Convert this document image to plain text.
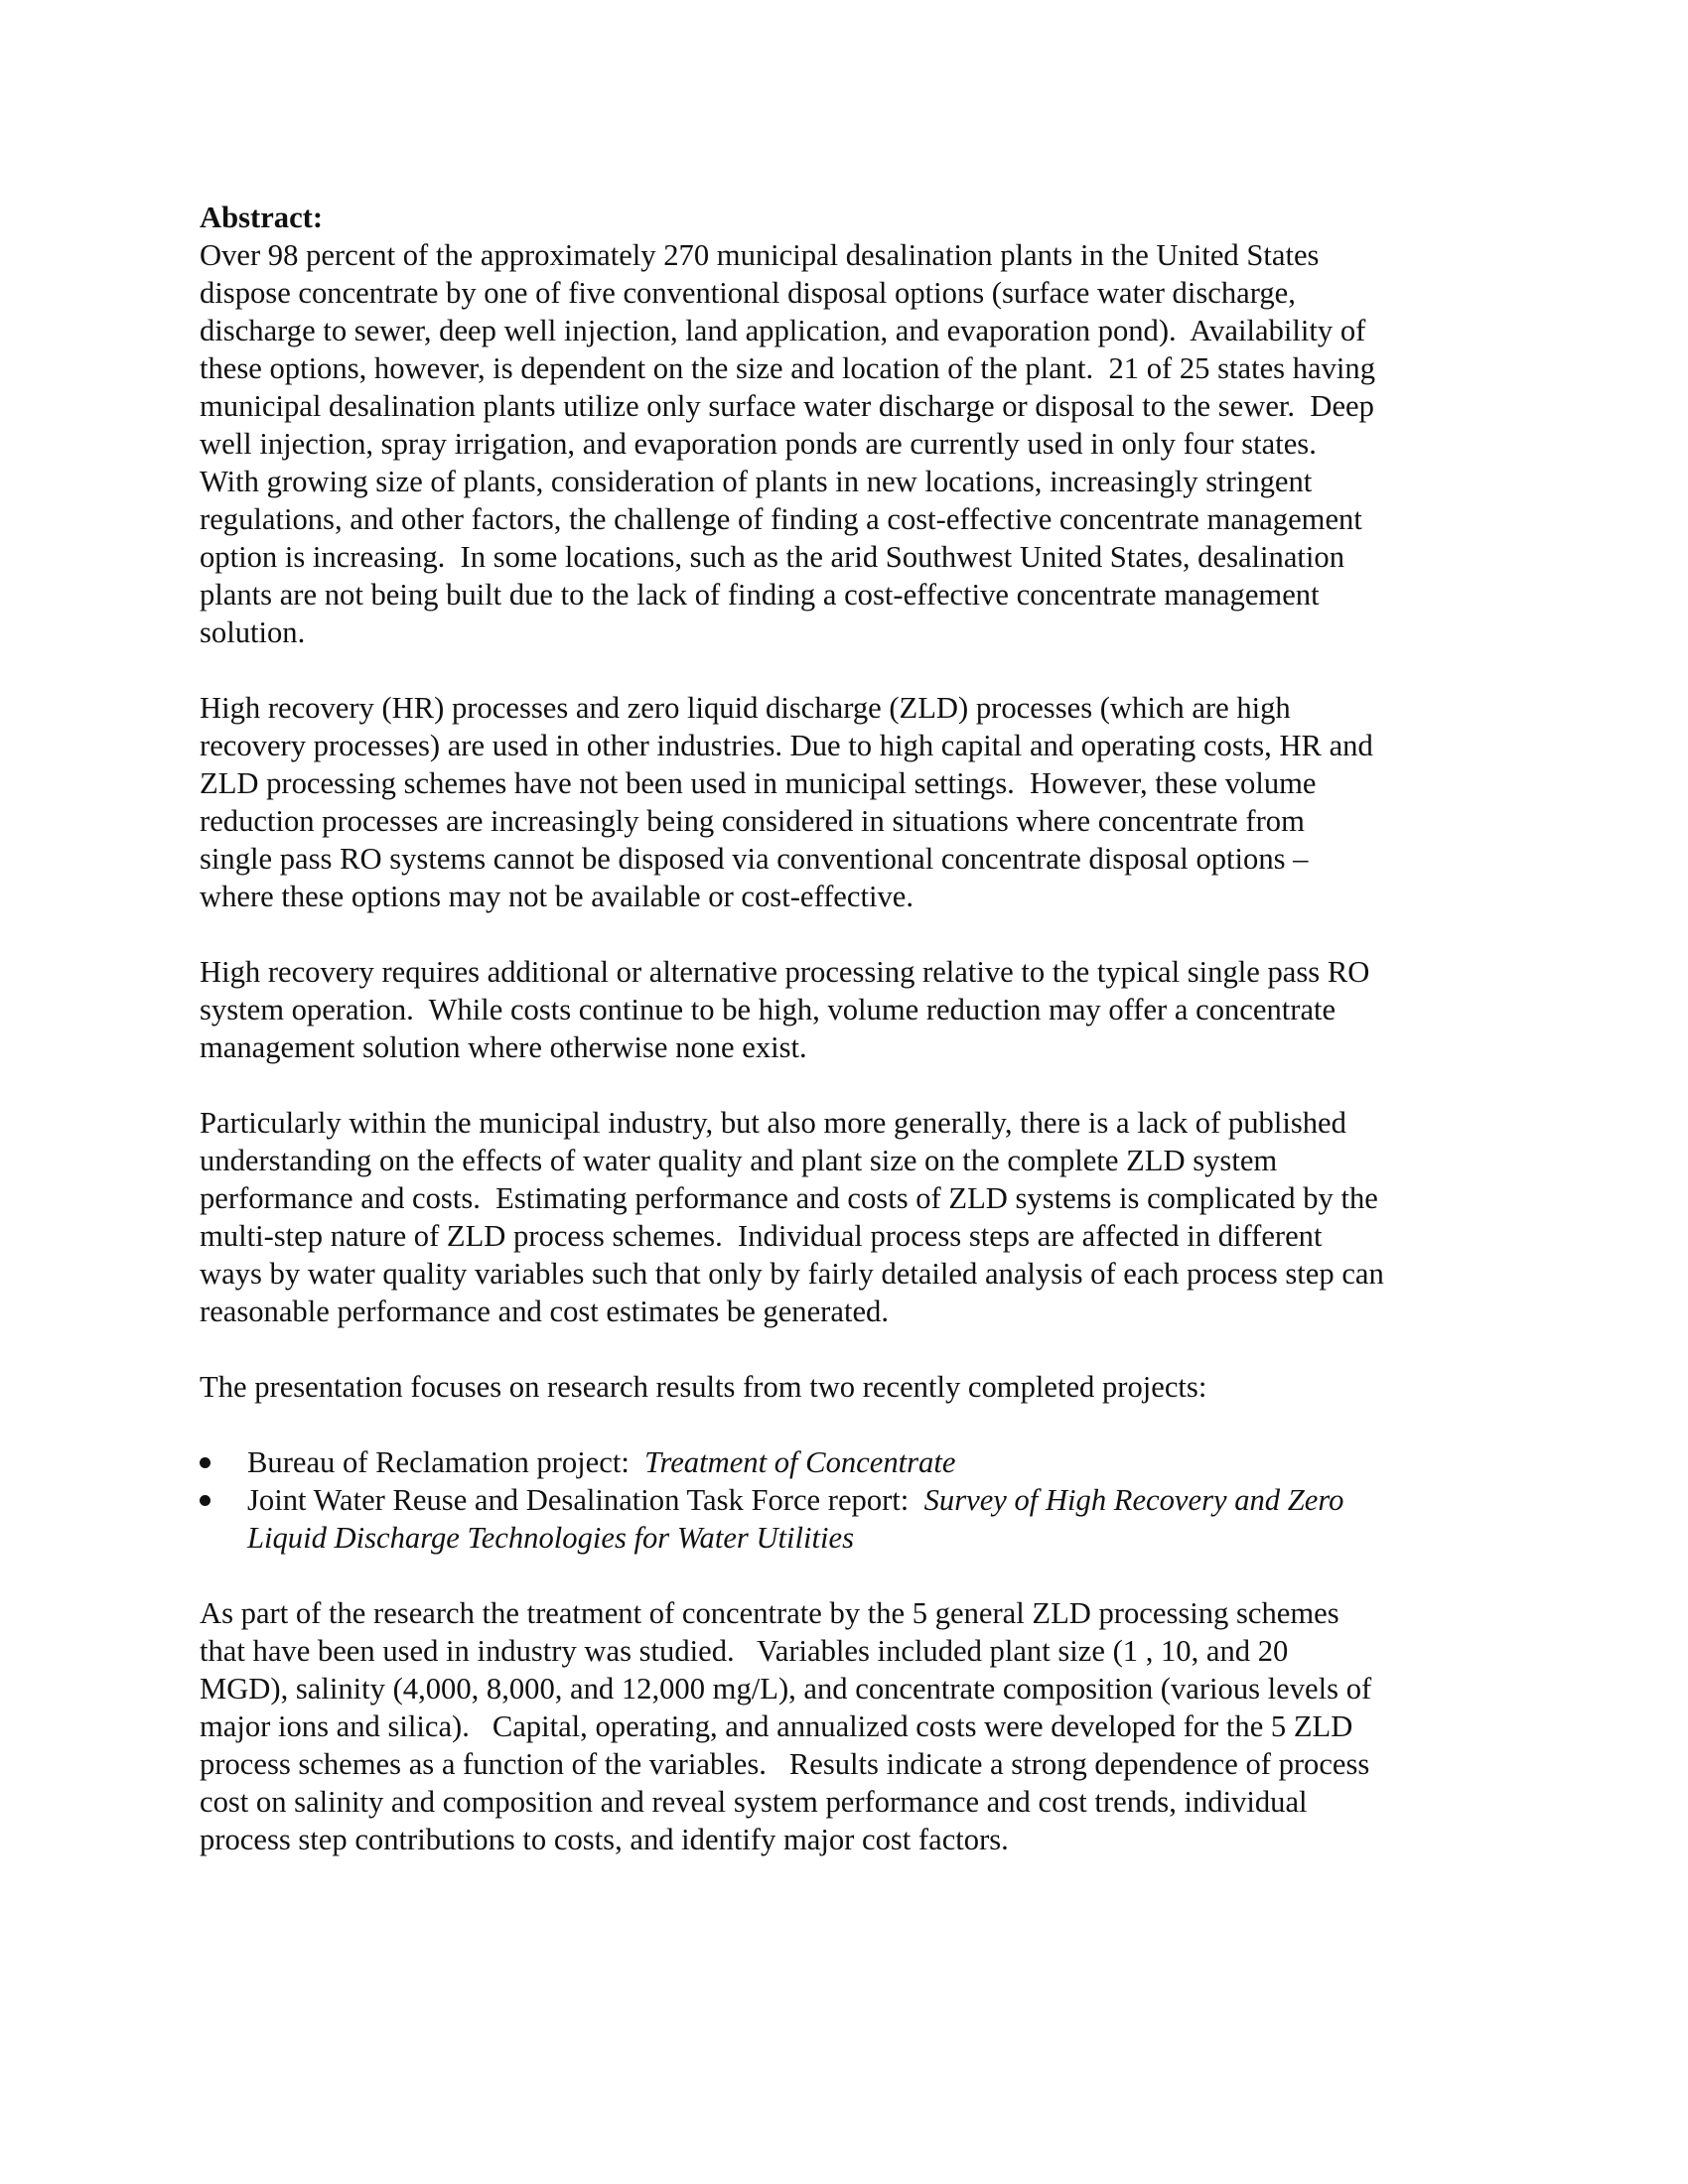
Abstract:
Over 98 percent of the approximately 270 municipal desalination plants in the United States
dispose concentrate by one of five conventional disposal options (surface water discharge,
discharge to sewer, deep well injection, land application, and evaporation pond).  Availability of
these options, however, is dependent on the size and location of the plant.  21 of 25 states having
municipal desalination plants utilize only surface water discharge or disposal to the sewer.  Deep
well injection, spray irrigation, and evaporation ponds are currently used in only four states.
With growing size of plants, consideration of plants in new locations, increasingly stringent
regulations, and other factors, the challenge of finding a cost-effective concentrate management
option is increasing.  In some locations, such as the arid Southwest United States, desalination
plants are not being built due to the lack of finding a cost-effective concentrate management
solution.
High recovery (HR) processes and zero liquid discharge (ZLD) processes (which are high
recovery processes) are used in other industries. Due to high capital and operating costs, HR and
ZLD processing schemes have not been used in municipal settings.  However, these volume
reduction processes are increasingly being considered in situations where concentrate from
single pass RO systems cannot be disposed via conventional concentrate disposal options –
where these options may not be available or cost-effective.
High recovery requires additional or alternative processing relative to the typical single pass RO
system operation.  While costs continue to be high, volume reduction may offer a concentrate
management solution where otherwise none exist.
Particularly within the municipal industry, but also more generally, there is a lack of published
understanding on the effects of water quality and plant size on the complete ZLD system
performance and costs.  Estimating performance and costs of ZLD systems is complicated by the
multi-step nature of ZLD process schemes.  Individual process steps are affected in different
ways by water quality variables such that only by fairly detailed analysis of each process step can
reasonable performance and cost estimates be generated.
The presentation focuses on research results from two recently completed projects:
Bureau of Reclamation project:  Treatment of Concentrate
Joint Water Reuse and Desalination Task Force report:  Survey of High Recovery and Zero
Liquid Discharge Technologies for Water Utilities
As part of the research the treatment of concentrate by the 5 general ZLD processing schemes
that have been used in industry was studied.   Variables included plant size (1 , 10, and 20
MGD), salinity (4,000, 8,000, and 12,000 mg/L), and concentrate composition (various levels of
major ions and silica).   Capital, operating, and annualized costs were developed for the 5 ZLD
process schemes as a function of the variables.   Results indicate a strong dependence of process
cost on salinity and composition and reveal system performance and cost trends, individual
process step contributions to costs, and identify major cost factors.
